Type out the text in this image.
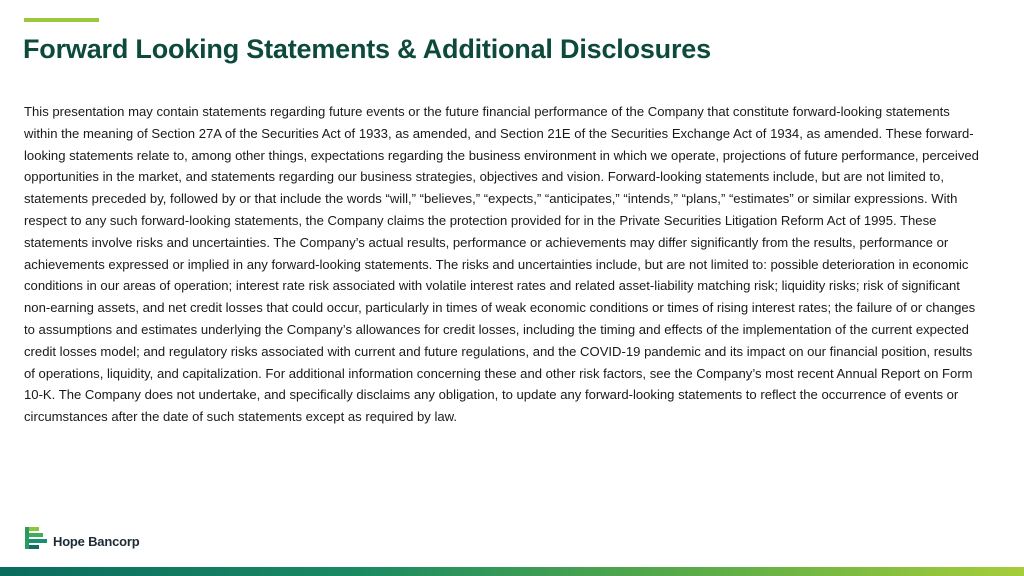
Forward Looking Statements & Additional Disclosures

This presentation may contain statements regarding future events or the future financial performance of the Company that constitute forward-looking statements within the meaning of Section 27A of the Securities Act of 1933, as amended, and Section 21E of the Securities Exchange Act of 1934, as amended. These forward-looking statements relate to, among other things, expectations regarding the business environment in which we operate, projections of future performance, perceived opportunities in the market, and statements regarding our business strategies, objectives and vision. Forward-looking statements include, but are not limited to, statements preceded by, followed by or that include the words “will,” “believes,” “expects,” “anticipates,” “intends,” “plans,” “estimates” or similar expressions. With respect to any such forward-looking statements, the Company claims the protection provided for in the Private Securities Litigation Reform Act of 1995. These statements involve risks and uncertainties. The Company’s actual results, performance or achievements may differ significantly from the results, performance or achievements expressed or implied in any forward-looking statements. The risks and uncertainties include, but are not limited to: possible deterioration in economic conditions in our areas of operation; interest rate risk associated with volatile interest rates and related asset-liability matching risk; liquidity risks; risk of significant non-earning assets, and net credit losses that could occur, particularly in times of weak economic conditions or times of rising interest rates; the failure of or changes to assumptions and estimates underlying the Company’s allowances for credit losses, including the timing and effects of the implementation of the current expected credit losses model; and regulatory risks associated with current and future regulations, and the COVID-19 pandemic and its impact on our financial position, results of operations, liquidity, and capitalization. For additional information concerning these and other risk factors, see the Company’s most recent Annual Report on Form 10-K. The Company does not undertake, and specifically disclaims any obligation, to update any forward-looking statements to reflect the occurrence of events or circumstances after the date of such statements except as required by law.

Hope Bancorp
